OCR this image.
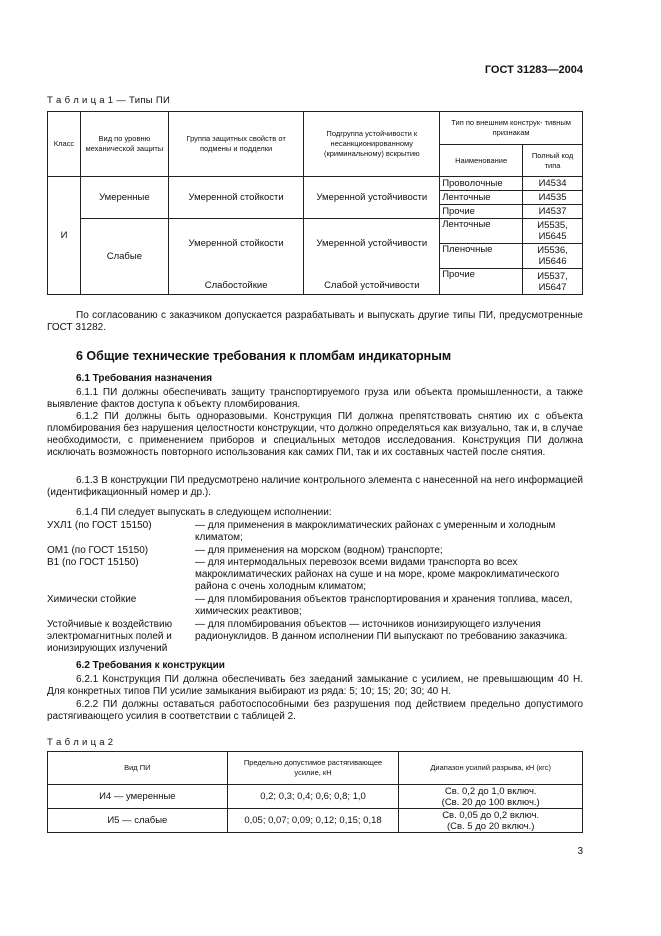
ГОСТ 31283—2004
Т а б л и ц а 1 — Типы ПИ
Класс	Вид по уровню механической защиты	Группа защитных свойств от подмены и подделки	Подгруппа устойчивости к несанкционированному (криминальному) вскрытию	Тип по внешним конструк- тивным признакам	
				Наименование	Полный код типа
И	Умеренные	Умеренной стойкости	Умеренной устойчивости	Проволочные	И4534
				Ленточные	И4535
				Прочие	И4537
	Слабые	Умеренной стойкости	Умеренной устойчивости	Ленточные	И5535, И5645
				Пленочные	И5536, И5646
		Слабостойкие	Слабой устойчивости	Прочие	И5537, И5647
По согласованию с заказчиком допускается разрабатывать и выпускать другие типы ПИ, предусмотренные ГОСТ 31282.
6 Общие технические требования к пломбам индикаторным
6.1 Требования назначения
6.1.1 ПИ должны обеспечивать защиту транспортируемого груза или объекта промышленности, а также выявление фактов доступа к объекту пломбирования.
6.1.2 ПИ должны быть одноразовыми. Конструкция ПИ должна препятствовать снятию их с объекта пломбирования без нарушения целостности конструкции, что должно определяться как визуально, так и, в случае необходимости, с применением приборов и специальных методов исследования. Конструкция ПИ должна исключать возможность повторного использования как самих ПИ, так и их составных частей после снятия.
6.1.3 В конструкции ПИ предусмотрено наличие контрольного элемента с нанесенной на него информацией (идентификационный номер и др.).
6.1.4 ПИ следует выпускать в следующем исполнении:
УХЛ1 (по ГОСТ 15150)	— для применения в макроклиматических районах с умеренным и холодным климатом;
ОМ1 (по ГОСТ 15150)	— для применения на морском (водном) транспорте;
В1 (по ГОСТ 15150)	— для интермодальных перевозок всеми видами транспорта во всех макроклиматических районах на суше и на море, кроме макроклиматического района с очень холодным климатом;
Химически стойкие	— для пломбирования объектов транспортирования и хранения топлива, масел, химических реактивов;
Устойчивые к воздействию электромагнитных полей и ионизирующих излучений
— для пломбирования объектов — источников ионизирующего излучения радионуклидов. В данном исполнении ПИ выпускают по требованию заказчика.
6.2 Требования к конструкции
6.2.1 Конструкция ПИ должна обеспечивать без заеданий замыкание с усилием, не превышающим 40 Н. Для конкретных типов ПИ усилие замыкания выбирают из ряда: 5; 10; 15; 20; 30; 40 Н.
6.2.2 ПИ должны оставаться работоспособными без разрушения под действием предельно допустимого растягивающего усилия в соответствии с таблицей 2.
Т а б л и ц а 2
Вид ПИ	Предельно допустимое растягивающее усилие, кН	Диапазон усилий разрыва, кН (кгс)
И4 — умеренные	0,2; 0,3; 0,4; 0,6; 0,8; 1,0	Св. 0,2 до 1,0 включ.
(Св. 20 до 100 включ.)
И5 — слабые	0,05; 0,07; 0,09; 0,12; 0,15; 0,18	Св. 0,05 до 0,2 включ.
(Св. 5 до 20 включ.)
3
